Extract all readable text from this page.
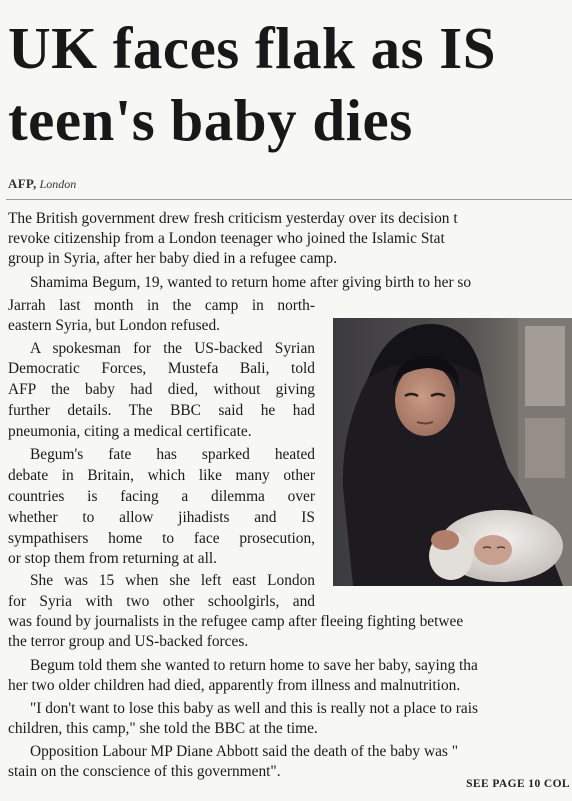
UK faces flak as IS
teen's baby dies
AFP, London
The British government drew fresh criticism yesterday over its decision t
revoke citizenship from a London teenager who joined the Islamic Stat
group in Syria, after her baby died in a refugee camp.
Shamima Begum, 19, wanted to return home after giving birth to her so
Jarrah last month in the camp in north-
eastern Syria, but London refused.
A spokesman for the US-backed Syrian
Democratic Forces, Mustefa Bali, told
AFP the baby had died, without giving
further details. The BBC said he had
pneumonia, citing a medical certificate.
Begum's fate has sparked heated
debate in Britain, which like many other
countries is facing a dilemma over
whether to allow jihadists and IS
sympathisers home to face prosecution,
or stop them from returning at all.
She was 15 when she left east London
for Syria with two other schoolgirls, and
was found by journalists in the refugee camp after fleeing fighting betwee
the terror group and US-backed forces.
Begum told them she wanted to return home to save her baby, saying tha
her two older children had died, apparently from illness and malnutrition.
"I don't want to lose this baby as well and this is really not a place to rais
children, this camp," she told the BBC at the time.
Opposition Labour MP Diane Abbott said the death of the baby was "
stain on the conscience of this government".
SEE PAGE 10 COL
